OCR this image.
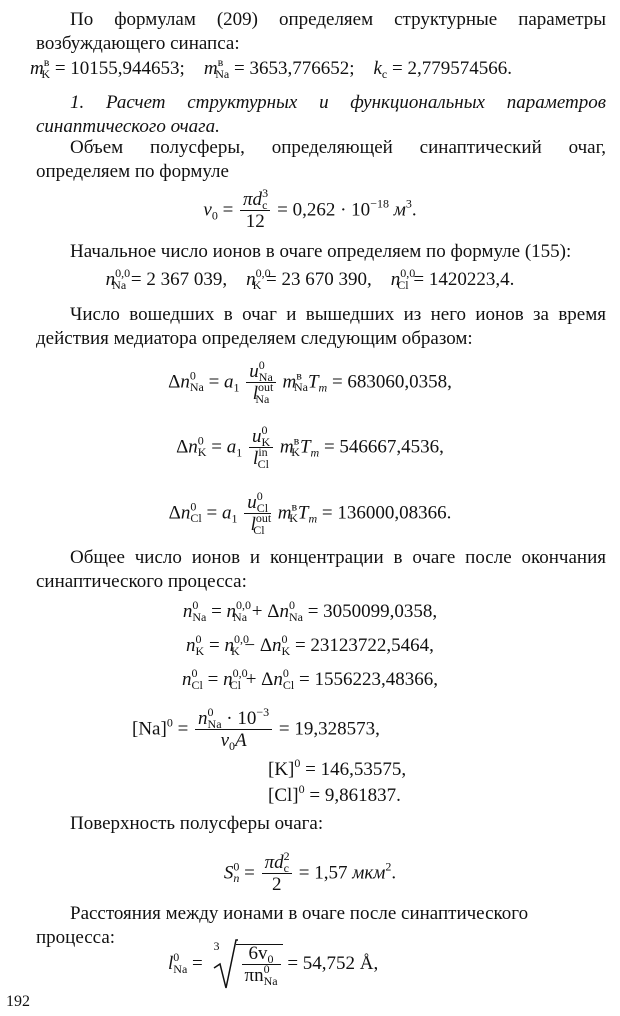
По формулам (209) определяем структурные параметры возбуждающего синапса:
$m^в_K = 10155,944653$;    $m^в_{Na} = 3653,776652$;    $k_c = 2,779574566$.
1. Расчет структурных и функциональных параметров синаптического очага.
Объем полусферы, определяющей синаптический очаг, определяем по формуле
$v_0 = \frac{\pi d^3_c}{12} = 0,262 \cdot 10^{-18}$ $м^3$.
Начальное число ионов в очаге определяем по формуле (155):
$n^{0,0}_{Na} = 2$ 367 039, $n^{0,0}_K = 23$ 670 390, $n^{0,0}_{Cl} = 1420223,4$.
Число вошедших в очаг и вышедших из него ионов за время действия медиатора определяем следующим образом:
$\Delta n^0_{Na} = a_1 \frac{u^0_{Na}}{l^{out}_{Na}} m^в_{Na}T_m = 683060,0358$,
$\Delta n^0_K = a_1 \frac{u^0_K}{l^{in}_{Cl}} m^в_KT_m = 546667,4536$,
$\Delta n^0_{Cl} = a_1 \frac{u^0_{Cl}}{l^{out}_{Cl}} m^в_KT_m = 136000,08366$.
Общее число ионов и концентрации в очаге после окончания синаптического процесса:
$n^0_{Na} = n^{0,0}_{Na} + \Delta n^0_{Na} = 3050099,0358$,
$n^0_K = n^{0,0}_K - \Delta n^0_K = 23123722,5464$,
$n^0_{Cl} = n^{0,0}_{Cl} + \Delta n^0_{Cl} = 1556223,48366$,
$[Na]^0 = \frac{n^0_{Na} \cdot 10^{-3}}{v_0A} = 19,328573$,
$[K]^0 = 146,53575$,
$[Cl]^0 = 9,861837$.
Поверхность полусферы очага:
$S^0_n = \frac{\pi d^2_c}{2} = 1,57$ мкм$^2$.
Расстояния между ионами в очаге после синаптического процесса:
$l^0_{Na}$ =
$3 \frac{6v_0}{\pi n^0_{Na}} = 54,752$ Å,
192
